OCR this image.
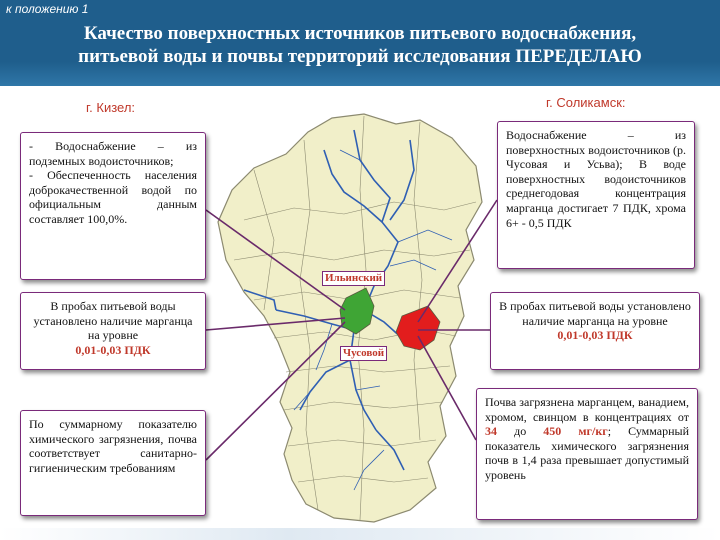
к положению 1
Качество поверхностных источников питьевого водоснабжения,
питьевой воды и почвы территорий исследования ПЕРЕДЕЛАЮ
г. Кизел:	г. Соликамск:
Ильинский
Чусовой
- Водоснабжение – из подземных водоисточников;
- Обеспеченность населения доброкачественной водой по официальным данным составляет 100,0%.
В пробах питьевой воды установлено наличие марганца на уровне
0,01-0,03 ПДК
По суммарному показателю химического загрязнения, почва соответствует санитарно-гигиеническим требованиям
Водоснабжение – из поверхностных водоисточников (р. Чусовая и Усьва); В воде поверхностных водоисточников среднегодовая концентрация марганца достигает 7 ПДК, хрома 6+ - 0,5 ПДК
В пробах питьевой воды установлено наличие марганца на уровне
0,01-0,03 ПДК
Почва загрязнена марганцем, ванадием, хромом, свинцом в концентрациях от 34 до 450 мг/кг; Суммарный показатель химического загрязнения почв в 1,4 раза превышает допустимый уровень
